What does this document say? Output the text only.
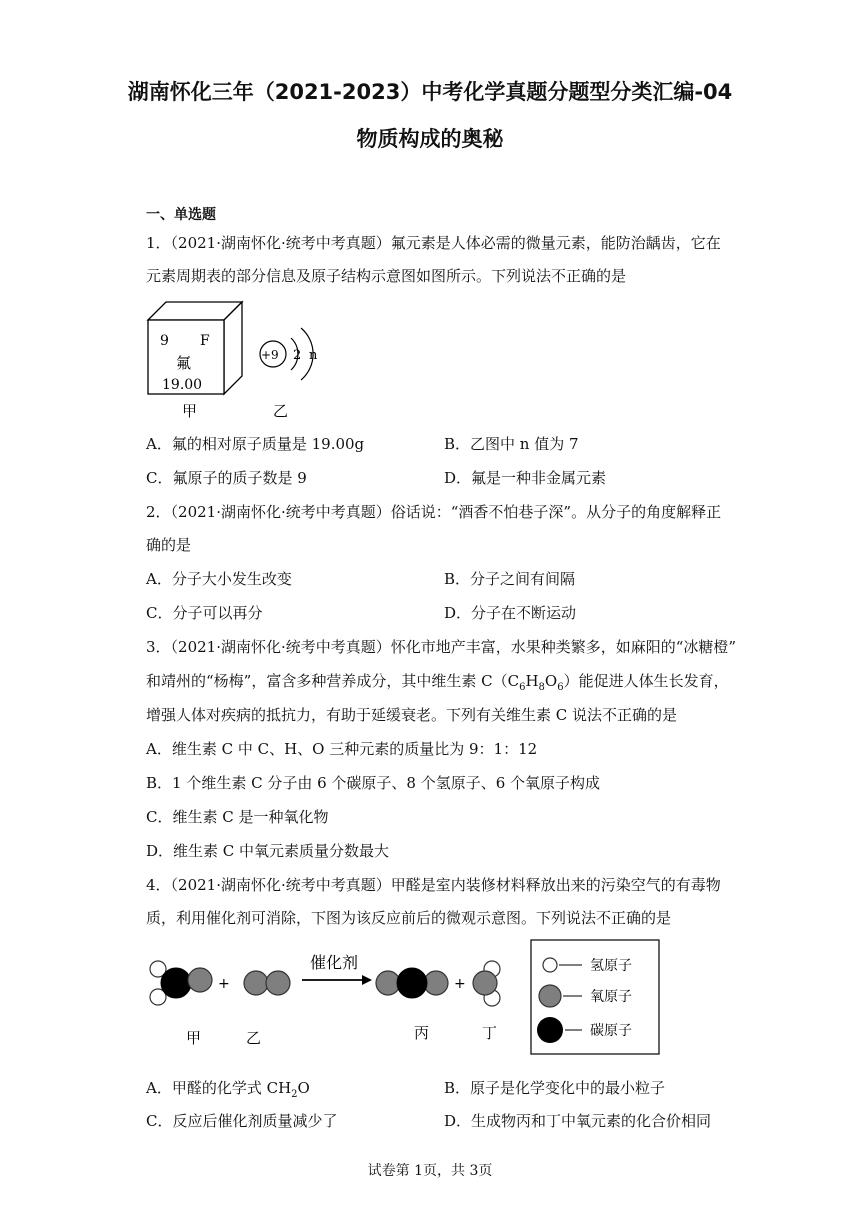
湖南怀化三年（2021-2023）中考化学真题分题型分类汇编-04
物质构成的奥秘
一、单选题
1．（2021·湖南怀化·统考中考真题）氟元素是人体必需的微量元素，能防治龋齿，它在
元素周期表的部分信息及原子结构示意图如图所示。下列说法不正确的是
9 F
氟
19.00
甲
+9 2 n
乙
A．氟的相对原子质量是 19.00g	B．乙图中 n 值为 7
C．氟原子的质子数是 9	D．氟是一种非金属元素
2．（2021·湖南怀化·统考中考真题）俗话说：“酒香不怕巷子深”。从分子的角度解释正
确的是
A．分子大小发生改变	B．分子之间有间隔
C．分子可以再分	D．分子在不断运动
3．（2021·湖南怀化·统考中考真题）怀化市地产丰富，水果种类繁多，如麻阳的“冰糖橙”
和靖州的“杨梅”，富含多种营养成分，其中维生素 $C(C_6H_8O_6)$能促进人体生长发育，
增强人体对疾病的抵抗力，有助于延缓衰老。下列有关维生素 C 说法不正确的是
A．维生素 C 中 C、H、O 三种元素的质量比为 9：1：12
B．1 个维生素 C 分子由 6 个碳原子、8 个氢原子、6 个氧原子构成
C．维生素 C 是一种氧化物
D．维生素 C 中氧元素质量分数最大
4．（2021·湖南怀化·统考中考真题）甲醛是室内装修材料释放出来的污染空气的有毒物
质，利用催化剂可消除，下图为该反应前后的微观示意图。下列说法不正确的是
+
催化剂
+
甲	乙	丙	丁
氢原子
氧原子
碳原子
A．甲醛的化学式 $CH_2O$	B．原子是化学变化中的最小粒子
C．反应后催化剂质量减少了	D．生成物丙和丁中氧元素的化合价相同
试卷第 1页，共 3页
